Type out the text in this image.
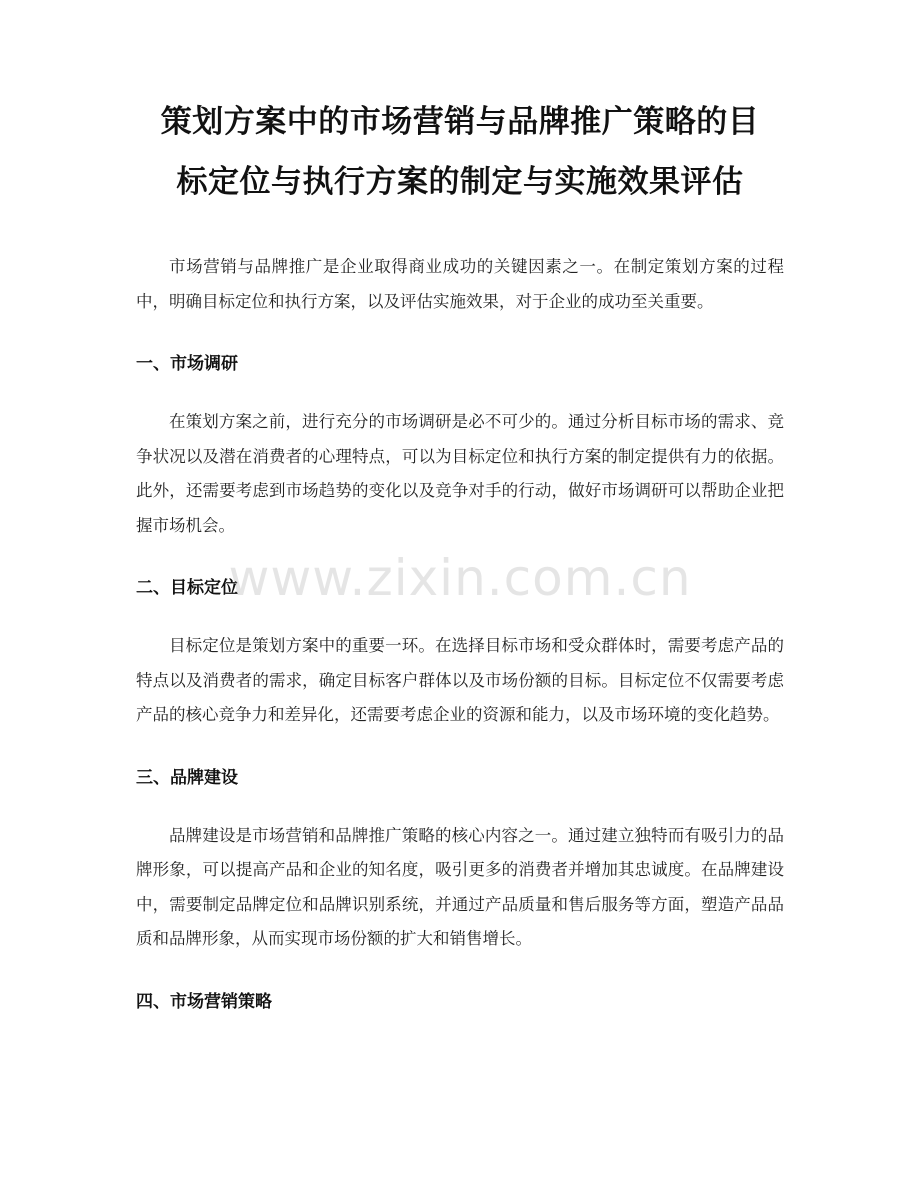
策划方案中的市场营销与品牌推广策略的目
标定位与执行方案的制定与实施效果评估

市场营销与品牌推广是企业取得商业成功的关键因素之一。在制定策划方案的过程中，明确目标定位和执行方案，以及评估实施效果，对于企业的成功至关重要。

一、市场调研

在策划方案之前，进行充分的市场调研是必不可少的。通过分析目标市场的需求、竞争状况以及潜在消费者的心理特点，可以为目标定位和执行方案的制定提供有力的依据。此外，还需要考虑到市场趋势的变化以及竞争对手的行动，做好市场调研可以帮助企业把握市场机会。

二、目标定位

目标定位是策划方案中的重要一环。在选择目标市场和受众群体时，需要考虑产品的特点以及消费者的需求，确定目标客户群体以及市场份额的目标。目标定位不仅需要考虑产品的核心竞争力和差异化，还需要考虑企业的资源和能力，以及市场环境的变化趋势。

三、品牌建设

品牌建设是市场营销和品牌推广策略的核心内容之一。通过建立独特而有吸引力的品牌形象，可以提高产品和企业的知名度，吸引更多的消费者并增加其忠诚度。在品牌建设中，需要制定品牌定位和品牌识别系统，并通过产品质量和售后服务等方面，塑造产品品质和品牌形象，从而实现市场份额的扩大和销售增长。

四、市场营销策略
www.zixin.com.cn
